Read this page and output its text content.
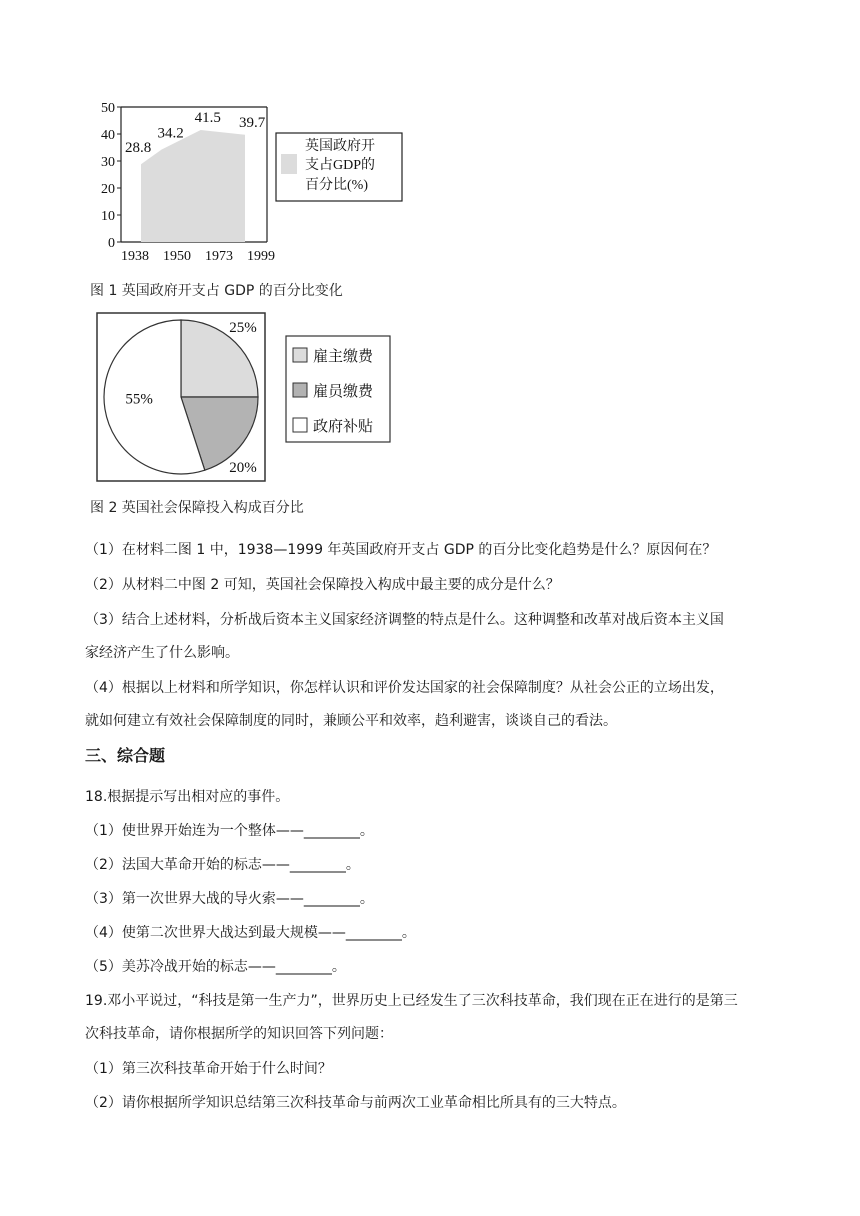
0
10
20
30
40
50
1938 1950 1973 1999
28.8
34.2
41.5 39.7
英国政府开
支占GDP的
百分比(%)
图 1 英国政府开支占 GDP 的百分比变化
25%
20%
55%
雇主缴费
雇员缴费
政府补贴
图 2 英国社会保障投入构成百分比
（1）在材料二图 1 中，1938—1999 年英国政府开支占 GDP 的百分比变化趋势是什么？原因何在？
（2）从材料二中图 2 可知，英国社会保障投入构成中最主要的成分是什么？
（3）结合上述材料，分析战后资本主义国家经济调整的特点是什么。这种调整和改革对战后资本主义国
家经济产生了什么影响。
（4）根据以上材料和所学知识，你怎样认识和评价发达国家的社会保障制度？从社会公正的立场出发，
就如何建立有效社会保障制度的同时，兼顾公平和效率，趋利避害，谈谈自己的看法。
三、综合题
18.根据提示写出相对应的事件。
（1）使世界开始连为一个整体——________。
（2）法国大革命开始的标志——________。
（3）第一次世界大战的导火索——________。
（4）使第二次世界大战达到最大规模——________。
（5）美苏冷战开始的标志——________。
19.邓小平说过，“科技是第一生产力”，世界历史上已经发生了三次科技革命，我们现在正在进行的是第三
次科技革命，请你根据所学的知识回答下列问题：
（1）第三次科技革命开始于什么时间？
（2）请你根据所学知识总结第三次科技革命与前两次工业革命相比所具有的三大特点。
